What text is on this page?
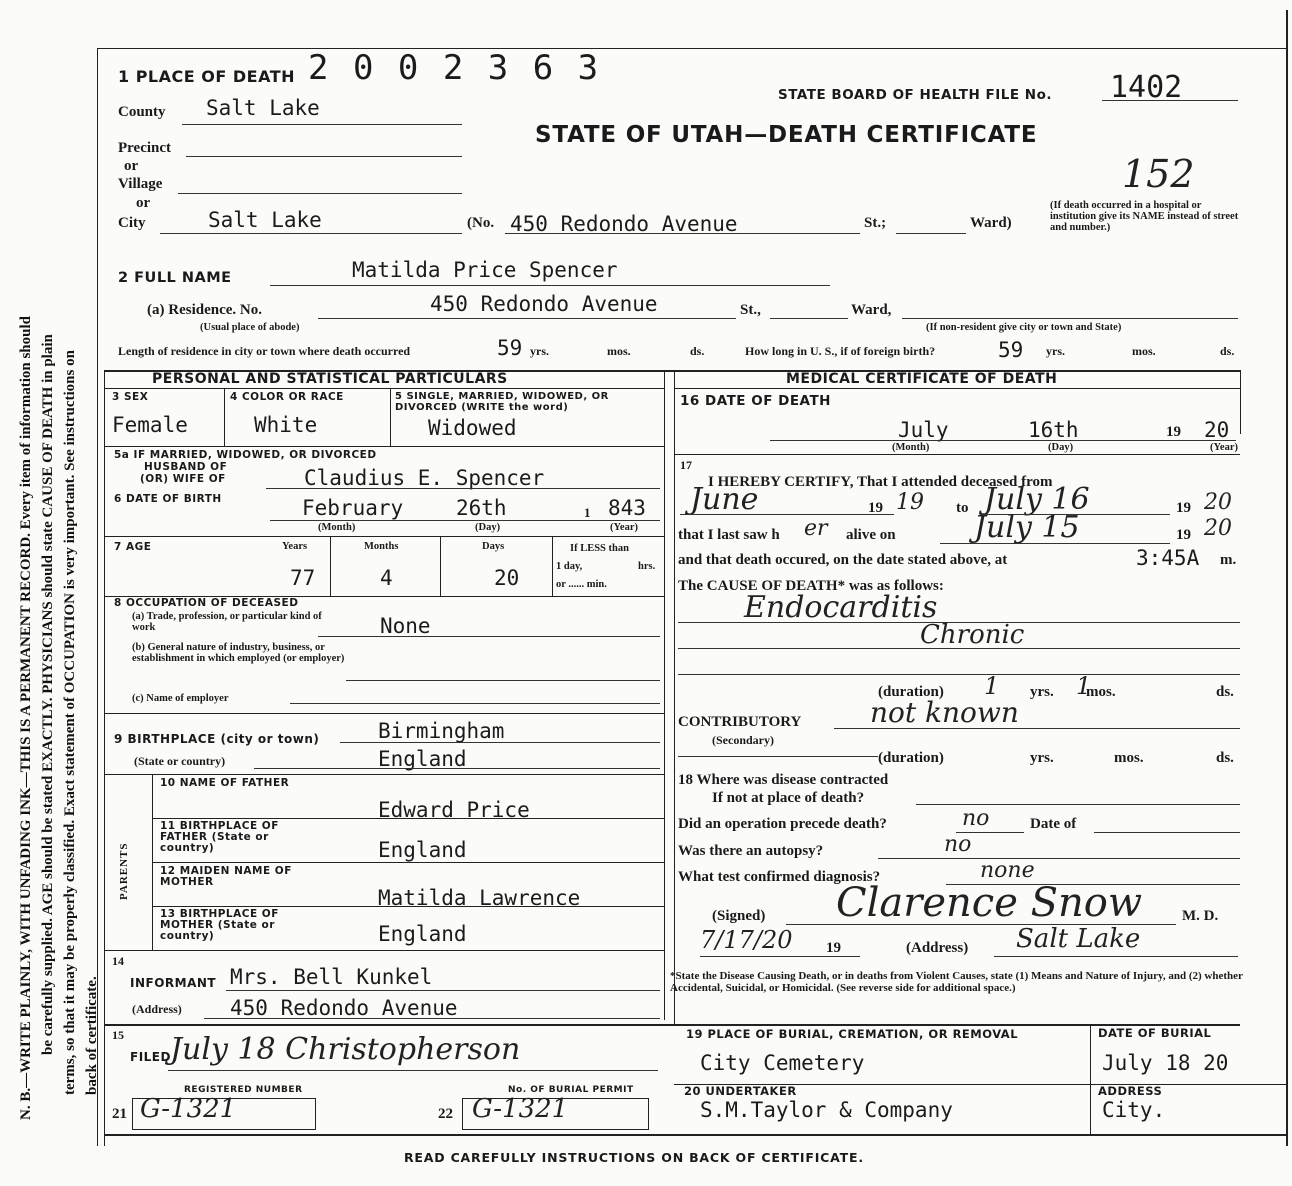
N. B.—WRITE PLAINLY, WITH UNFADING INK—THIS IS A PERMANENT RECORD. Every item of information should be carefully supplied. AGE should be stated EXACTLY. PHYSICIANS should state CAUSE OF DEATH in plain terms, so that it may be properly classified. Exact statement of OCCUPATION is very important. See instructions on back of certificate.
1 PLACE OF DEATH 2 0 0 2 3 6 3
STATE BOARD OF HEALTH FILE No. 1402
STATE OF UTAH—DEATH CERTIFICATE
152
County Salt Lake
Precinct
or
Village
or
City	Salt Lake	(No. 450 Redondo Avenue	St.;	Ward)
(If death occurred in a hospital or institution give its NAME instead of street and number.)
2 FULL NAME	Matilda Price Spencer
(a) Residence. No.	450 Redondo Avenue	St.,	Ward,
(Usual place of abode)	(If non-resident give city or town and State)
Length of residence in city or town where death occurred	59 yrs.	mos.	ds.	How long in U. S., if of foreign birth?	59 yrs.	mos.	ds.
PERSONAL AND STATISTICAL PARTICULARS	MEDICAL CERTIFICATE OF DEATH
3 SEX
Female
4 COLOR OR RACE
White
5 SINGLE, MARRIED, WIDOWED, OR DIVORCED (WRITE the word)
Widowed
5a IF MARRIED, WIDOWED, OR DIVORCED
HUSBAND OF
(OR) WIFE OF	Claudius E. Spencer
6 DATE OF BIRTH	February	26th	1 843
(Month)	(Day)	(Year)
7 AGE	Years	Months	Days
77	4	20
If LESS than
1 day,	hrs.
or ...... min.
8 OCCUPATION OF DECEASED
(a) Trade, profession, or particular kind of work	None
(b) General nature of industry, business, or establishment in which employed (or employer)
(c) Name of employer
9 BIRTHPLACE (city or town)	Birmingham
(State or country)	England
PARENTS
10 NAME OF FATHER
Edward Price
11 BIRTHPLACE OF FATHER (State or country)	England
12 MAIDEN NAME OF MOTHER
Matilda Lawrence
13 BIRTHPLACE OF MOTHER (State or country)	England
14
INFORMANT Mrs. Bell Kunkel
(Address) 450 Redondo Avenue
15
FILED July 18 Christopherson
REGISTERED NUMBER	No. OF BURIAL PERMIT
21 G-1321	22 G-1321
16 DATE OF DEATH
July	16th	19 20
(Month)	(Day)	(Year)
17
I HEREBY CERTIFY, That I attended deceased from
June	19 19 to July 16	19 20
that I last saw h er alive on	July 15	19 20
and that death occured, on the date stated above, at	3:45A m.
The CAUSE OF DEATH* was as follows:
Endocarditis
Chronic
(duration) 1 yrs. 1
mos.	ds.
CONTRIBUTORY not known
(Secondary)
(duration)	yrs.	mos.	ds.
18 Where was disease contracted
If not at place of death?
Did an operation precede death?	no	Date of
Was there an autopsy?	no
What test confirmed diagnosis?	none
(Signed) Clarence Snow	M. D.
7/17/20 19	(Address) Salt Lake
*State the Disease Causing Death, or in deaths from Violent Causes, state (1) Means and Nature of Injury, and (2) whether Accidental, Suicidal, or Homicidal. (See reverse side for additional space.)
19 PLACE OF BURIAL, CREMATION, OR REMOVAL
City Cemetery
DATE OF BURIAL
July 18 20
20 UNDERTAKER
S.M.Taylor & Company
ADDRESS
City.
READ CAREFULLY INSTRUCTIONS ON BACK OF CERTIFICATE.
